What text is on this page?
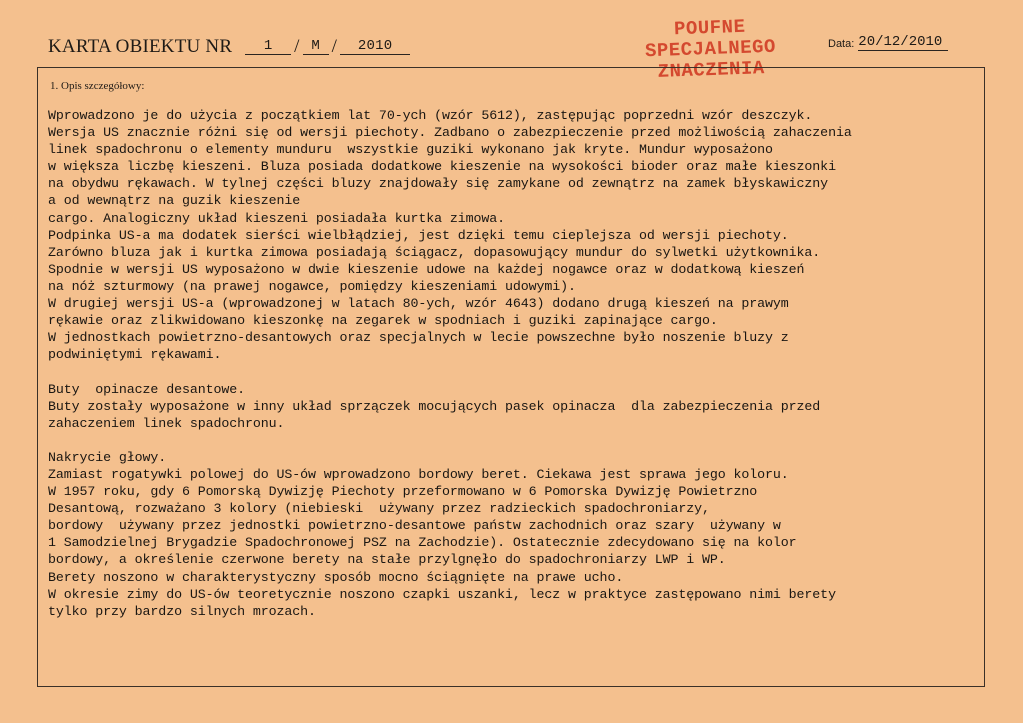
KARTA OBIEKTU NR 1 / M / 2010
POUFNE
SPECJALNEGO
ZNACZENIA
Data: 20/12/2010
1. Opis szczegółowy:
Wprowadzono je do użycia z początkiem lat 70-ych (wzór 5612), zastępując poprzedni wzór deszczyk.
Wersja US znacznie różni się od wersji piechoty. Zadbano o zabezpieczenie przed możliwością zahaczenia
linek spadochronu o elementy munduru  wszystkie guziki wykonano jak kryte. Mundur wyposażono
w większa liczbę kieszeni. Bluza posiada dodatkowe kieszenie na wysokości bioder oraz małe kieszonki
na obydwu rękawach. W tylnej części bluzy znajdowały się zamykane od zewnątrz na zamek błyskawiczny
a od wewnątrz na guzik kieszenie
cargo. Analogiczny układ kieszeni posiadała kurtka zimowa.
Podpinka US-a ma dodatek sierści wielbłądziej, jest dzięki temu cieplejsza od wersji piechoty.
Zarówno bluza jak i kurtka zimowa posiadają ściągacz, dopasowujący mundur do sylwetki użytkownika.
Spodnie w wersji US wyposażono w dwie kieszenie udowe na każdej nogawce oraz w dodatkową kieszeń
na nóż szturmowy (na prawej nogawce, pomiędzy kieszeniami udowymi).
W drugiej wersji US-a (wprowadzonej w latach 80-ych, wzór 4643) dodano drugą kieszeń na prawym
rękawie oraz zlikwidowano kieszonkę na zegarek w spodniach i guziki zapinające cargo.
W jednostkach powietrzno-desantowych oraz specjalnych w lecie powszechne było noszenie bluzy z
podwiniętymi rękawami.

Buty  opinacze desantowe.
Buty zostały wyposażone w inny układ sprzączek mocujących pasek opinacza  dla zabezpieczenia przed
zahaczeniem linek spadochronu.

Nakrycie głowy.
Zamiast rogatywki polowej do US-ów wprowadzono bordowy beret. Ciekawa jest sprawa jego koloru.
W 1957 roku, gdy 6 Pomorską Dywizję Piechoty przeformowano w 6 Pomorska Dywizję Powietrzno
Desantową, rozważano 3 kolory (niebieski  używany przez radzieckich spadochroniarzy,
bordowy  używany przez jednostki powietrzno-desantowe państw zachodnich oraz szary  używany w
1 Samodzielnej Brygadzie Spadochronowej PSZ na Zachodzie). Ostatecznie zdecydowano się na kolor
bordowy, a określenie czerwone berety na stałe przylgnęło do spadochroniarzy LWP i WP.
Berety noszono w charakterystyczny sposób mocno ściągnięte na prawe ucho.
W okresie zimy do US-ów teoretycznie noszono czapki uszanki, lecz w praktyce zastępowano nimi berety
tylko przy bardzo silnych mrozach.
